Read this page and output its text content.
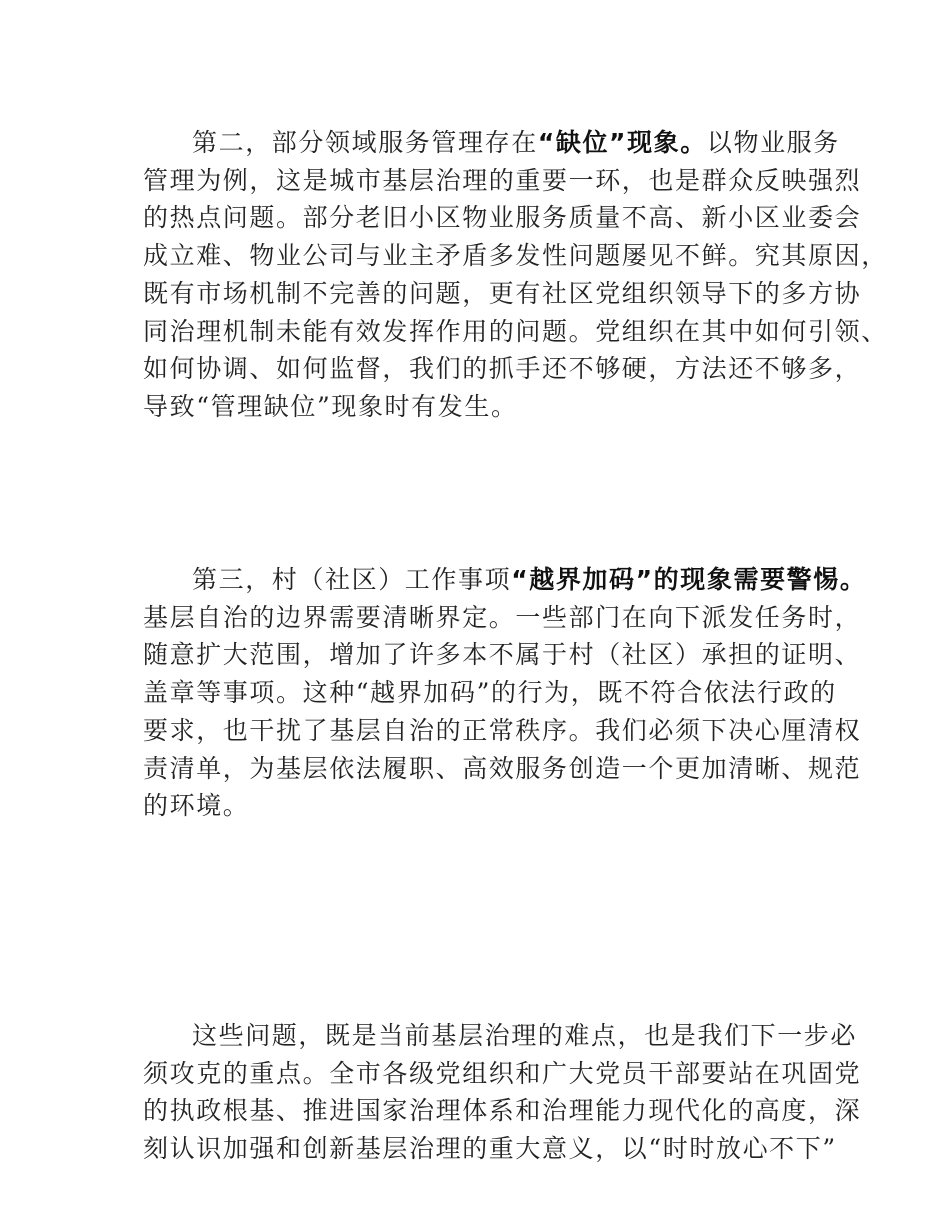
第二，部分领域服务管理存在“缺位”现象。以物业服务

管理为例，这是城市基层治理的重要一环，也是群众反映强烈

的热点问题。部分老旧小区物业服务质量不高、新小区业委会

成立难、物业公司与业主矛盾多发性问题屡见不鲜。究其原因，

既有市场机制不完善的问题，更有社区党组织领导下的多方协

同治理机制未能有效发挥作用的问题。党组织在其中如何引领、

如何协调、如何监督，我们的抓手还不够硬，方法还不够多，

导致“管理缺位”现象时有发生。

第三，村（社区）工作事项“越界加码”的现象需要警惕。

基层自治的边界需要清晰界定。一些部门在向下派发任务时，

随意扩大范围，增加了许多本不属于村（社区）承担的证明、

盖章等事项。这种“越界加码”的行为，既不符合依法行政的

要求，也干扰了基层自治的正常秩序。我们必须下决心厘清权

责清单，为基层依法履职、高效服务创造一个更加清晰、规范

的环境。

这些问题，既是当前基层治理的难点，也是我们下一步必

须攻克的重点。全市各级党组织和广大党员干部要站在巩固党

的执政根基、推进国家治理体系和治理能力现代化的高度，深

刻认识加强和创新基层治理的重大意义，以“时时放心不下”
